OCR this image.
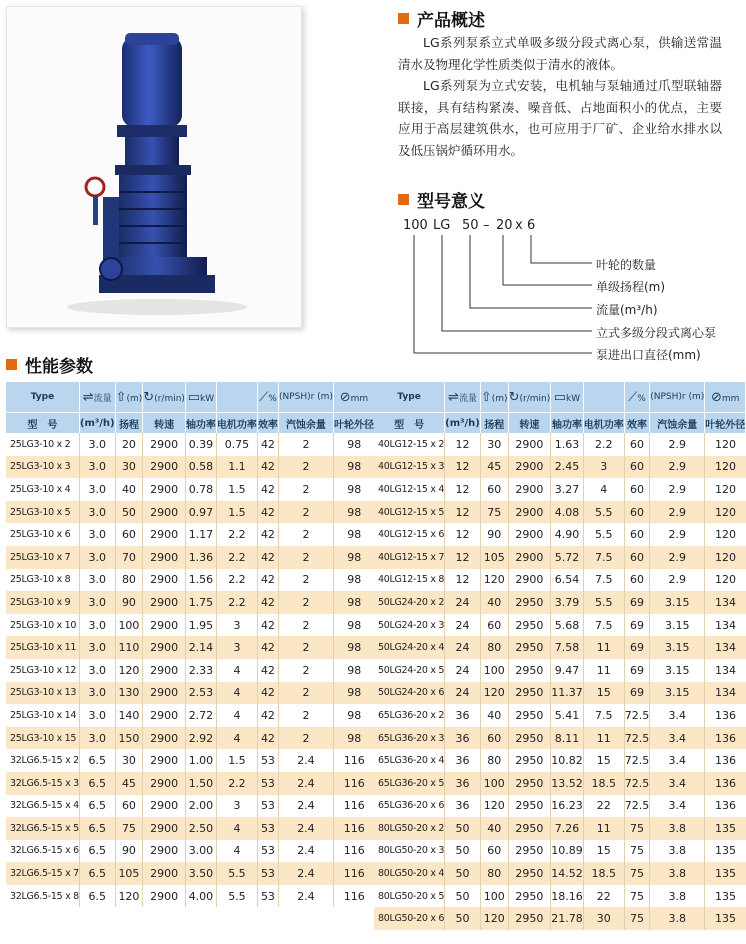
产品概述

LG系列泵系立式单吸多级分段式离心泵，供输送常温清水及物理化学性质类似于清水的液体。

LG系列泵为立式安装，电机轴与泵轴通过爪型联轴器联接，具有结构紧凑、噪音低、占地面积小的优点，主要应用于高层建筑供水，也可应用于厂矿、企业给水排水以及低压锅炉循环用水。

型号意义
100 LG 50 – 20 x 6
叶轮的数量
单级扬程(m)
流量(m³/h)
立式多级分段式离心泵
泵进出口直径(mm)
性能参数
Type	⇌流量	⇧(m)	↻(r/min)	▭kW		⟋%	(NPSH)r (m)	⊘mm
型　号	(m³/h)	扬程	转速	轴功率	电机功率	效率	汽蚀余量	叶轮外径
25LG3-10 x 2	3.0	20	2900	0.39	0.75	42	2	98
25LG3-10 x 3	3.0	30	2900	0.58	1.1	42	2	98
25LG3-10 x 4	3.0	40	2900	0.78	1.5	42	2	98
25LG3-10 x 5	3.0	50	2900	0.97	1.5	42	2	98
25LG3-10 x 6	3.0	60	2900	1.17	2.2	42	2	98
25LG3-10 x 7	3.0	70	2900	1.36	2.2	42	2	98
25LG3-10 x 8	3.0	80	2900	1.56	2.2	42	2	98
25LG3-10 x 9	3.0	90	2900	1.75	2.2	42	2	98
25LG3-10 x 10	3.0	100	2900	1.95	3	42	2	98
25LG3-10 x 11	3.0	110	2900	2.14	3	42	2	98
25LG3-10 x 12	3.0	120	2900	2.33	4	42	2	98
25LG3-10 x 13	3.0	130	2900	2.53	4	42	2	98
25LG3-10 x 14	3.0	140	2900	2.72	4	42	2	98
25LG3-10 x 15	3.0	150	2900	2.92	4	42	2	98
32LG6.5-15 x 2	6.5	30	2900	1.00	1.5	53	2.4	116
32LG6.5-15 x 3	6.5	45	2900	1.50	2.2	53	2.4	116
32LG6.5-15 x 4	6.5	60	2900	2.00	3	53	2.4	116
32LG6.5-15 x 5	6.5	75	2900	2.50	4	53	2.4	116
32LG6.5-15 x 6	6.5	90	2900	3.00	4	53	2.4	116
32LG6.5-15 x 7	6.5	105	2900	3.50	5.5	53	2.4	116
32LG6.5-15 x 8	6.5	120	2900	4.00	5.5	53	2.4	116
Type	⇌流量	⇧(m)	↻(r/min)	▭kW		⟋%	(NPSH)r (m)	⊘mm
型　号	(m³/h)	扬程	转速	轴功率	电机功率	效率	汽蚀余量	叶轮外径
40LG12-15 x 2	12	30	2900	1.63	2.2	60	2.9	120
40LG12-15 x 3	12	45	2900	2.45	3	60	2.9	120
40LG12-15 x 4	12	60	2900	3.27	4	60	2.9	120
40LG12-15 x 5	12	75	2900	4.08	5.5	60	2.9	120
40LG12-15 x 6	12	90	2900	4.90	5.5	60	2.9	120
40LG12-15 x 7	12	105	2900	5.72	7.5	60	2.9	120
40LG12-15 x 8	12	120	2900	6.54	7.5	60	2.9	120
50LG24-20 x 2	24	40	2950	3.79	5.5	69	3.15	134
50LG24-20 x 3	24	60	2950	5.68	7.5	69	3.15	134
50LG24-20 x 4	24	80	2950	7.58	11	69	3.15	134
50LG24-20 x 5	24	100	2950	9.47	11	69	3.15	134
50LG24-20 x 6	24	120	2950	11.37	15	69	3.15	134
65LG36-20 x 2	36	40	2950	5.41	7.5	72.5	3.4	136
65LG36-20 x 3	36	60	2950	8.11	11	72.5	3.4	136
65LG36-20 x 4	36	80	2950	10.82	15	72.5	3.4	136
65LG36-20 x 5	36	100	2950	13.52	18.5	72.5	3.4	136
65LG36-20 x 6	36	120	2950	16.23	22	72.5	3.4	136
80LG50-20 x 2	50	40	2950	7.26	11	75	3.8	135
80LG50-20 x 3	50	60	2950	10.89	15	75	3.8	135
80LG50-20 x 4	50	80	2950	14.52	18.5	75	3.8	135
80LG50-20 x 5	50	100	2950	18.16	22	75	3.8	135
80LG50-20 x 6	50	120	2950	21.78	30	75	3.8	135
